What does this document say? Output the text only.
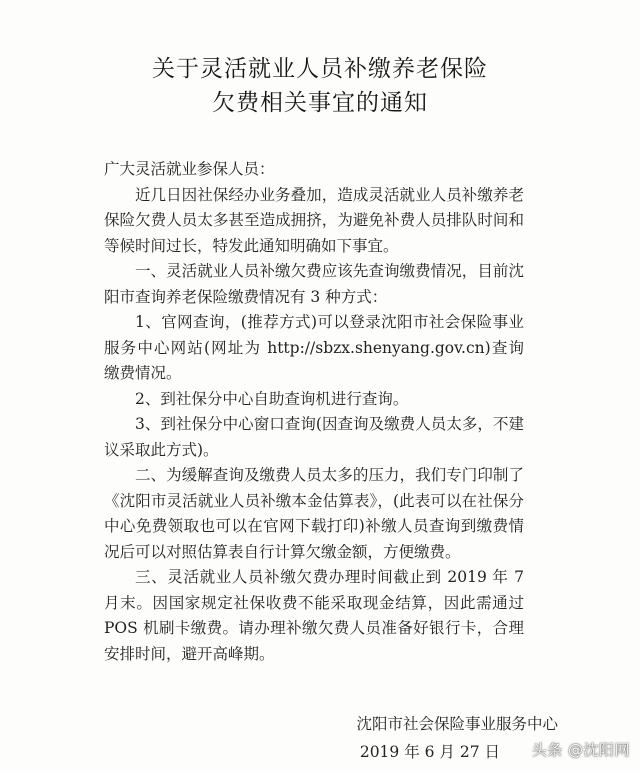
关于灵活就业人员补缴养老保险
欠费相关事宜的通知

广大灵活就业参保人员：

近几日因社保经办业务叠加，造成灵活就业人员补缴养老保险欠费人员太多甚至造成拥挤，为避免补费人员排队时间和等候时间过长，特发此通知明确如下事宜。

一、灵活就业人员补缴欠费应该先查询缴费情况，目前沈阳市查询养老保险缴费情况有 3 种方式：

1、官网查询，(推荐方式)可以登录沈阳市社会保险事业服务中心网站(网址为 http://sbzx.shenyang.gov.cn)查询缴费情况。

2、到社保分中心自助查询机进行查询。

3、到社保分中心窗口查询(因查询及缴费人员太多，不建议采取此方式)。

二、为缓解查询及缴费人员太多的压力，我们专门印制了《沈阳市灵活就业人员补缴本金估算表》，(此表可以在社保分中心免费领取也可以在官网下载打印)补缴人员查询到缴费情况后可以对照估算表自行计算欠缴金额，方便缴费。

三、灵活就业人员补缴欠费办理时间截止到 2019 年 7 月末。因国家规定社保收费不能采取现金结算，因此需通过 POS 机刷卡缴费。请办理补缴欠费人员准备好银行卡，合理安排时间，避开高峰期。

沈阳市社会保险事业服务中心
2019 年 6 月 27 日 头条 @沈阳网
